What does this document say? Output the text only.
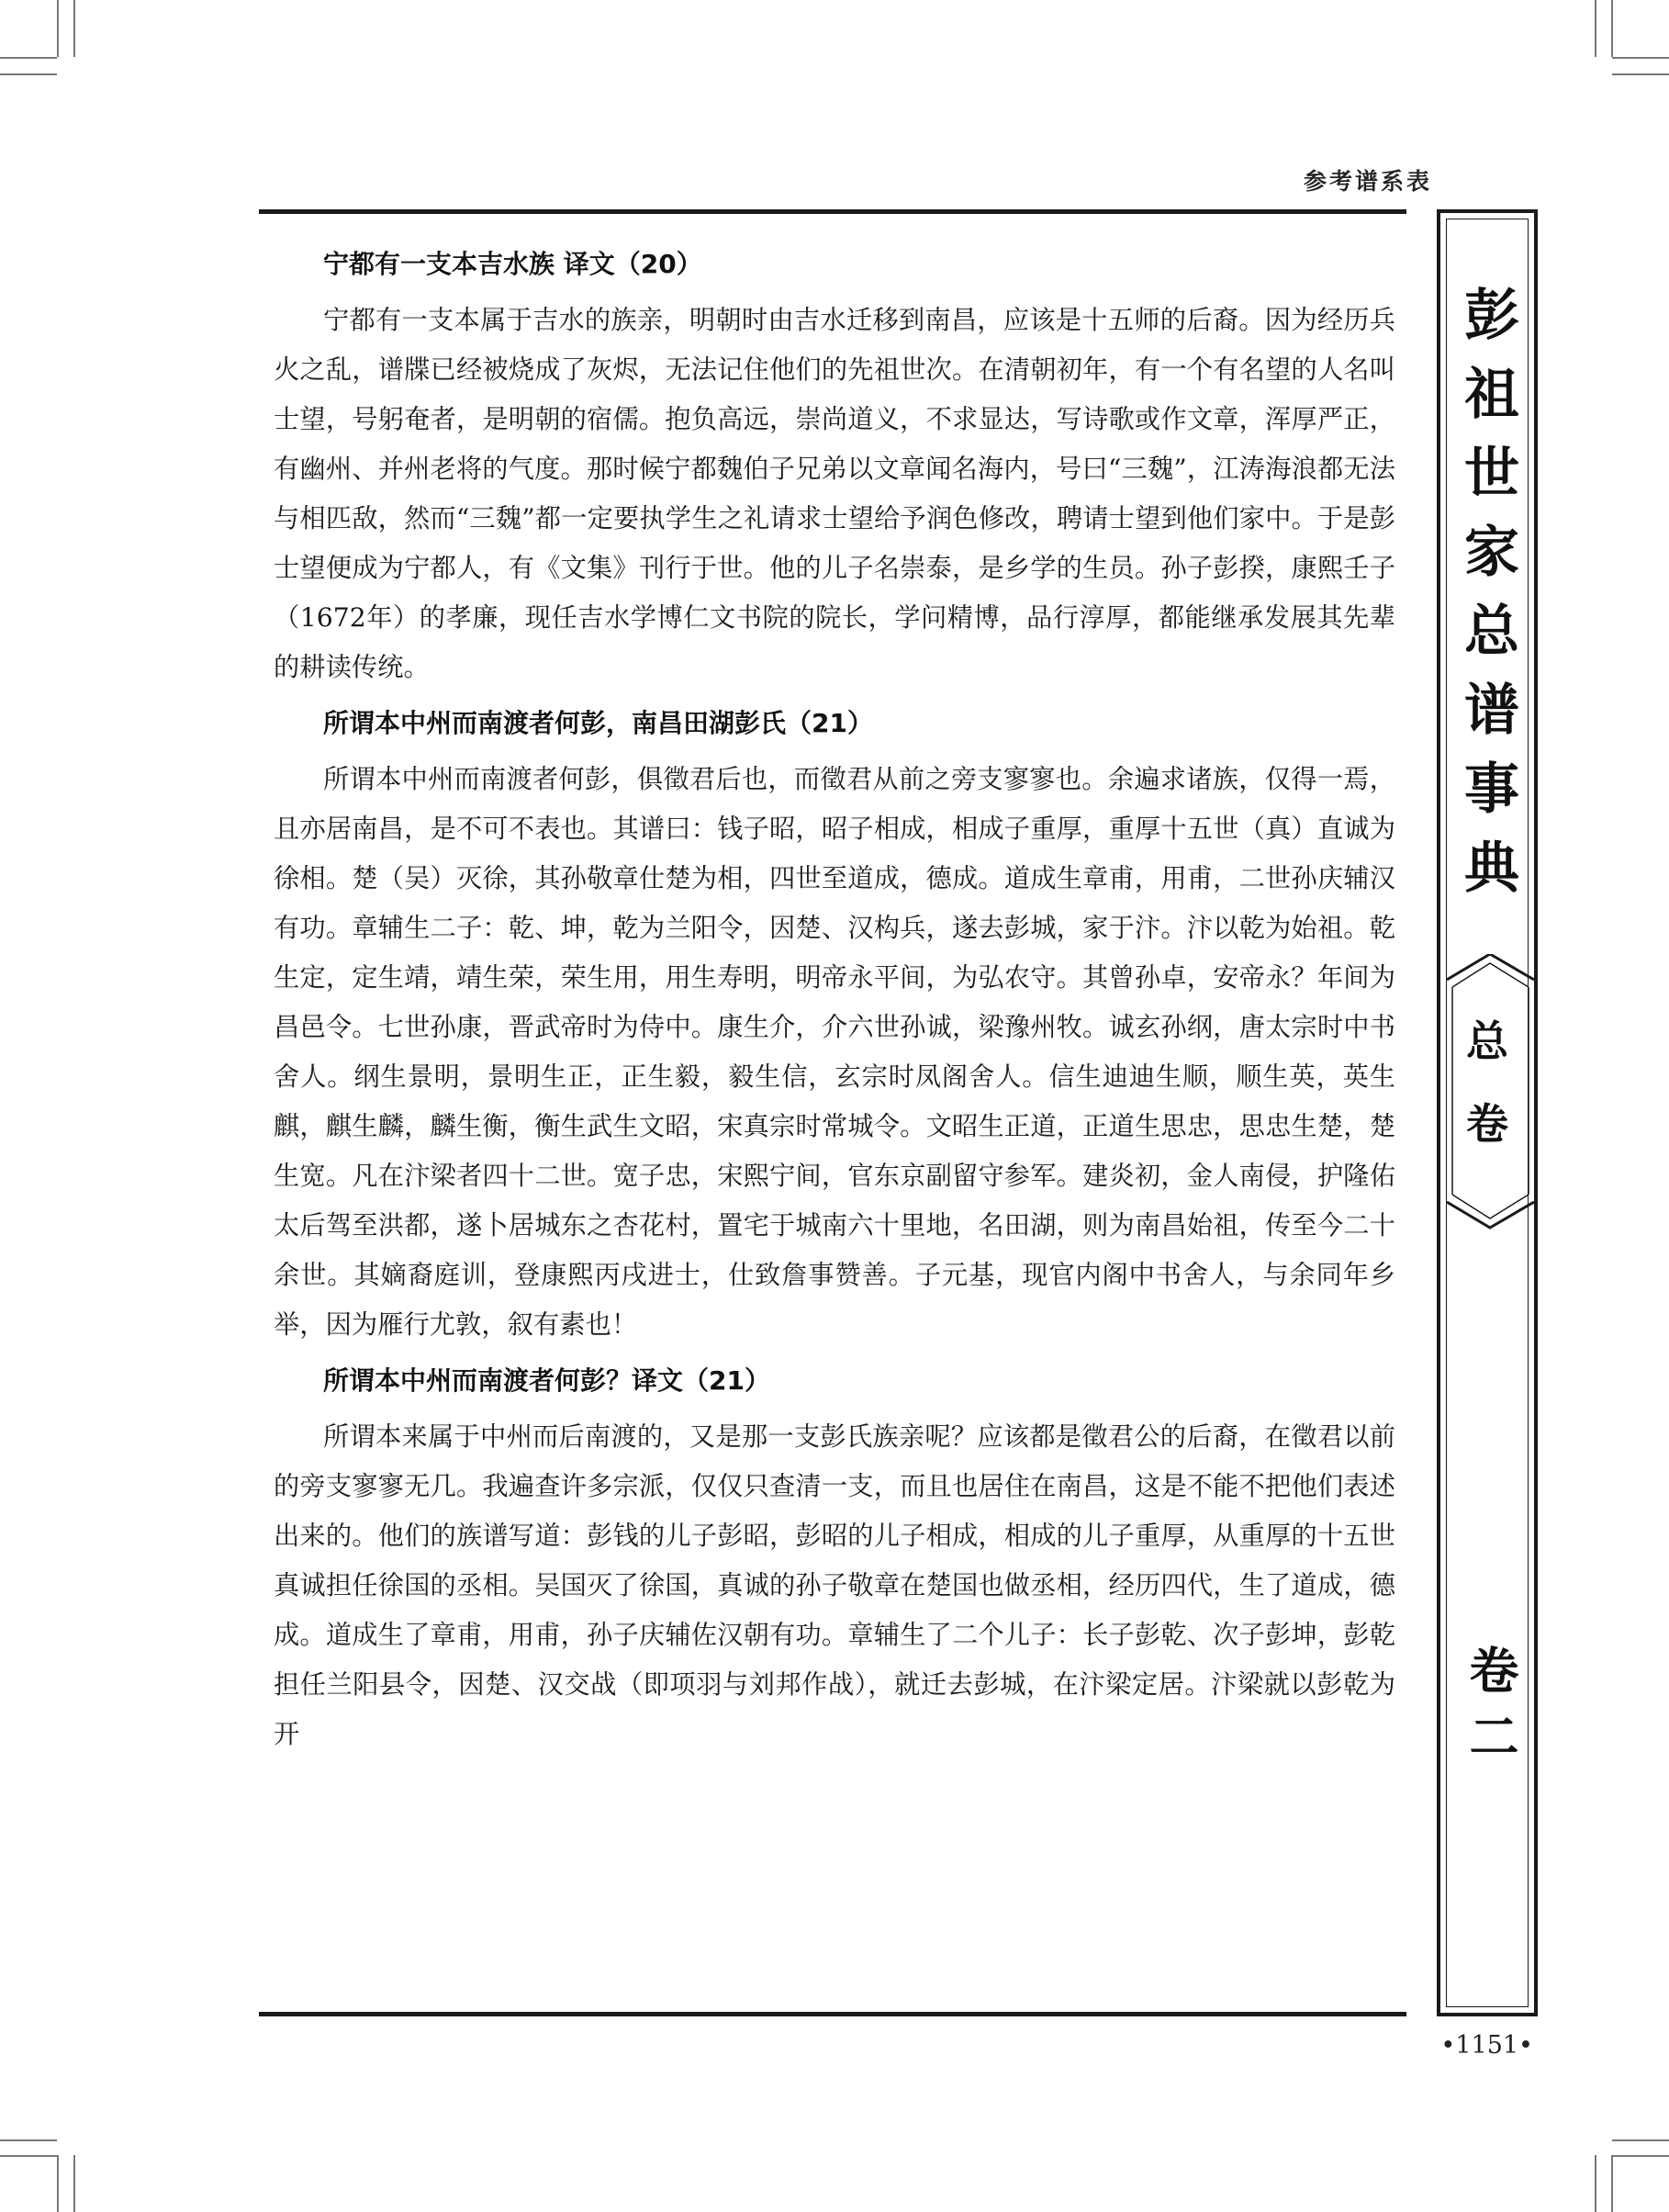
参考谱系表
宁都有一支本吉水族 译文（20）

宁都有一支本属于吉水的族亲，明朝时由吉水迁移到南昌，应该是十五师的后裔。因为经历兵火之乱，谱牒已经被烧成了灰烬，无法记住他们的先祖世次。在清朝初年，有一个有名望的人名叫士望，号躬奄者，是明朝的宿儒。抱负高远，崇尚道义，不求显达，写诗歌或作文章，浑厚严正，有幽州、并州老将的气度。那时候宁都魏伯子兄弟以文章闻名海内，号曰“三魏”，江涛海浪都无法与相匹敌，然而“三魏”都一定要执学生之礼请求士望给予润色修改，聘请士望到他们家中。于是彭士望便成为宁都人，有《文集》刊行于世。他的儿子名崇泰，是乡学的生员。孙子彭揆，康熙壬子（1672年）的孝廉，现任吉水学博仁文书院的院长，学问精博，品行淳厚，都能继承发展其先辈的耕读传统。

所谓本中州而南渡者何彭，南昌田湖彭氏（21）

所谓本中州而南渡者何彭，俱徵君后也，而徵君从前之旁支寥寥也。余遍求诸族，仅得一焉，且亦居南昌，是不可不表也。其谱曰：钱子昭，昭子相成，相成子重厚，重厚十五世（真）直诚为徐相。楚（吴）灭徐，其孙敬章仕楚为相，四世至道成，德成。道成生章甫，用甫，二世孙庆辅汉有功。章辅生二子：乾、坤，乾为兰阳令，因楚、汉构兵，遂去彭城，家于汴。汴以乾为始祖。乾生定，定生靖，靖生荣，荣生用，用生寿明，明帝永平间，为弘农守。其曾孙卓，安帝永？年间为昌邑令。七世孙康，晋武帝时为侍中。康生介，介六世孙诚，梁豫州牧。诚玄孙纲，唐太宗时中书舍人。纲生景明，景明生正，正生毅，毅生信，玄宗时凤阁舍人。信生迪迪生顺，顺生英，英生麒，麒生麟，麟生衡，衡生武生文昭，宋真宗时常城令。文昭生正道，正道生思忠，思忠生楚，楚生宽。凡在汴梁者四十二世。宽子忠，宋熙宁间，官东京副留守参军。建炎初，金人南侵，护隆佑太后驾至洪都，遂卜居城东之杏花村，置宅于城南六十里地，名田湖，则为南昌始祖，传至今二十余世。其嫡裔庭训，登康熙丙戌进士，仕致詹事赞善。子元基，现官内阁中书舍人，与余同年乡举，因为雁行尤敦，叙有素也！

所谓本中州而南渡者何彭？译文（21）

所谓本来属于中州而后南渡的，又是那一支彭氏族亲呢？应该都是徵君公的后裔，在徵君以前的旁支寥寥无几。我遍查许多宗派，仅仅只查清一支，而且也居住在南昌，这是不能不把他们表述出来的。他们的族谱写道：彭钱的儿子彭昭，彭昭的儿子相成，相成的儿子重厚，从重厚的十五世真诚担任徐国的丞相。吴国灭了徐国，真诚的孙子敬章在楚国也做丞相，经历四代，生了道成，德成。道成生了章甫，用甫，孙子庆辅佐汉朝有功。章辅生了二个儿子：长子彭乾、次子彭坤，彭乾担任兰阳县令，因楚、汉交战（即项羽与刘邦作战），就迁去彭城，在汴梁定居。汴梁就以彭乾为开

彭祖世家总谱事典
总
卷
卷二
•1151•
